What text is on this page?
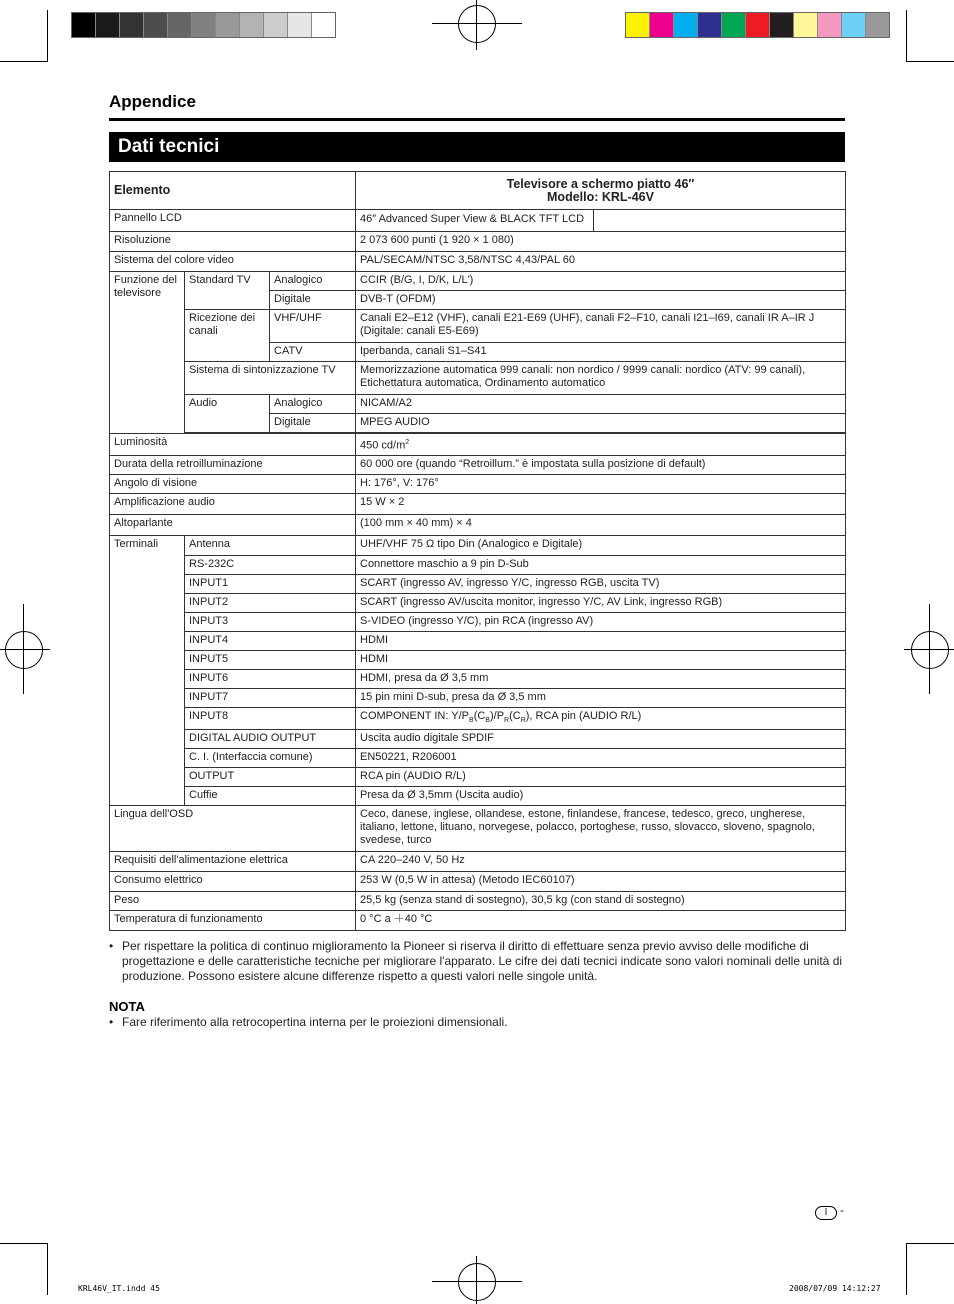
Appendice
Dati tecnici
Elemento			Televisore a schermo piatto 46″
Modello: KRL-46V
Pannello LCD			46″ Advanced Super View & BLACK TFT LCD

Risoluzione			2 073 600 punti (1 920 × 1 080)
Sistema del colore video			PAL/SECAM/NTSC 3,58/NTSC 4,43/PAL 60
Funzione del televisore	Standard TV	Analogico	CCIR (B/G, I, D/K, L/L')
		Digitale	DVB-T (OFDM)
	Ricezione dei canali	VHF/UHF	Canali E2–E12 (VHF), canali E21-E69 (UHF), canali F2–F10, canali I21–I69, canali IR A–IR J (Digitale: canali E5-E69)
		CATV	Iperbanda, canali S1–S41
	Sistema di sintonizzazione TV		Memorizzazione automatica 999 canali: non nordico / 9999 canali: nordico (ATV: 99 canali), Etichettatura automatica, Ordinamento automatico
	Audio	Analogico	NICAM/A2
		Digitale	MPEG AUDIO

Luminosità			450 $cd/m^2$
Durata della retroilluminazione			60 000 ore (quando “Retroillum.” è impostata sulla posizione di default)
Angolo di visione			H: 176°, V: 176°
Amplificazione audio			15 W × 2
Altoparlante			(100 mm × 40 mm) × 4
Terminali	Antenna		UHF/VHF 75 Ω tipo Din (Analogico e Digitale)
	RS-232C		Connettore maschio a 9 pin D-Sub
	INPUT1		SCART (ingresso AV, ingresso Y/C, ingresso RGB, uscita TV)
	INPUT2		SCART (ingresso AV/uscita monitor, ingresso Y/C, AV Link, ingresso RGB)
	INPUT3		S-VIDEO (ingresso Y/C), pin RCA (ingresso AV)
	INPUT4		HDMI
	INPUT5		HDMI
	INPUT6		HDMI, presa da Ø 3,5 mm
	INPUT7		15 pin mini D-sub, presa da Ø 3,5 mm
	INPUT8		COMPONENT IN: $Y/P_B(C_B)/P_R(C_R)$, RCA pin (AUDIO R/L)
	DIGITAL AUDIO OUTPUT		Uscita audio digitale SPDIF
	C. I. (Interfaccia comune)		EN50221, R206001
	OUTPUT		RCA pin (AUDIO R/L)
	Cuffie		Presa da Ø 3,5mm (Uscita audio)
Lingua dell'OSD			Ceco, danese, inglese, ollandese, estone, finlandese, francese, tedesco, greco, ungherese, italiano, lettone, lituano, norvegese, polacco, portoghese, russo, slovacco, sloveno, spagnolo, svedese, turco
Requisiti dell'alimentazione elettrica			CA 220–240 V, 50 Hz
Consumo elettrico			253 W (0,5 W in attesa) (Metodo IEC60107)
Peso			25,5 kg (senza stand di sostegno), 30,5 kg (con stand di sostegno)
Temperatura di funzionamento			0 °C a ＋40 °C
• Per rispettare la politica di continuo miglioramento la Pioneer si riserva il diritto di effettuare senza previo avviso delle modifiche di progettazione e delle caratteristiche tecniche per migliorare l'apparato. Le cifre dei dati tecnici indicate sono valori nominali delle unità di produzione. Possono esistere alcune differenze rispetto a questi valori nelle singole unità.
NOTA
• Fare riferimento alla retrocopertina interna per le proiezioni dimensionali.
I	-
KRL46V_IT.indd 45	2008/07/09 14:12:27
